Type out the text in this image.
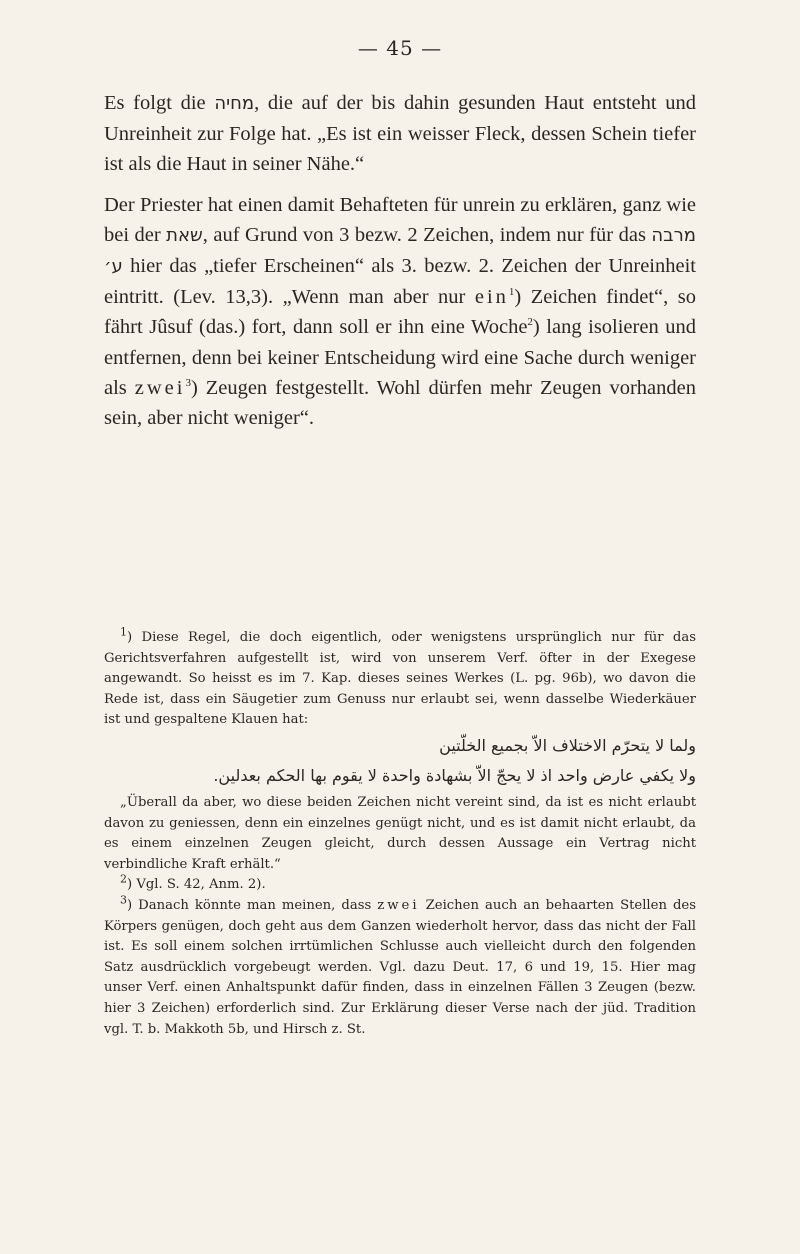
— 45 —

Es folgt die מחיה, die auf der bis dahin gesunden Haut entsteht und Unreinheit zur Folge hat. „Es ist ein weisser Fleck, dessen Schein tiefer ist als die Haut in seiner Nähe.“

Der Priester hat einen damit Behafteten für unrein zu erklären, ganz wie bei der שאת, auf Grund von 3 bezw. 2 Zeichen, indem nur für das מרבה ע׳ hier das „tiefer Erscheinen“ als 3. bezw. 2. Zeichen der Unreinheit eintritt. (Lev. 13,3). „Wenn man aber nur ein$^1$) Zeichen findet“, so fährt Jûsuf (das.) fort, dann soll er ihn eine Woche$^2$) lang isolieren und entfernen, denn bei keiner Entscheidung wird eine Sache durch weniger als zwei$^3$) Zeugen festgestellt. Wohl dürfen mehr Zeugen vorhanden sein, aber nicht weniger“.

$^1$) Diese Regel, die doch eigentlich, oder wenigstens ursprünglich nur für das Gerichtsverfahren aufgestellt ist, wird von unserem Verf. öfter in der Exegese angewandt. So heisst es im 7. Kap. dieses seines Werkes (L. pg. 96b), wo davon die Rede ist, dass ein Säugetier zum Genuss nur erlaubt sei, wenn dasselbe Wiederkäuer ist und gespaltene Klauen hat:

ولما لا يتحرّم الاختلاف الاّ بجميع الخلّتين
ولا يكفي عارض واحد اذ لا يحجّ الاّ بشهادة واحدة لا يقوم بها الحكم بعدلين.

„Überall da aber, wo diese beiden Zeichen nicht vereint sind, da ist es nicht erlaubt davon zu geniessen, denn ein einzelnes genügt nicht, und es ist damit nicht erlaubt, da es einem einzelnen Zeugen gleicht, durch dessen Aussage ein Vertrag nicht verbindliche Kraft erhält.“

$^2$) Vgl. S. 42, Anm. 2).

$^3$) Danach könnte man meinen, dass zwei Zeichen auch an behaarten Stellen des Körpers genügen, doch geht aus dem Ganzen wiederholt hervor, dass das nicht der Fall ist. Es soll einem solchen irrtümlichen Schlusse auch vielleicht durch den folgenden Satz ausdrücklich vorgebeugt werden. Vgl. dazu Deut. 17, 6 und 19, 15. Hier mag unser Verf. einen Anhaltspunkt dafür finden, dass in einzelnen Fällen 3 Zeugen (bezw. hier 3 Zeichen) erforderlich sind. Zur Erklärung dieser Verse nach der jüd. Tradition vgl. T. b. Makkoth 5b, und Hirsch z. St.
